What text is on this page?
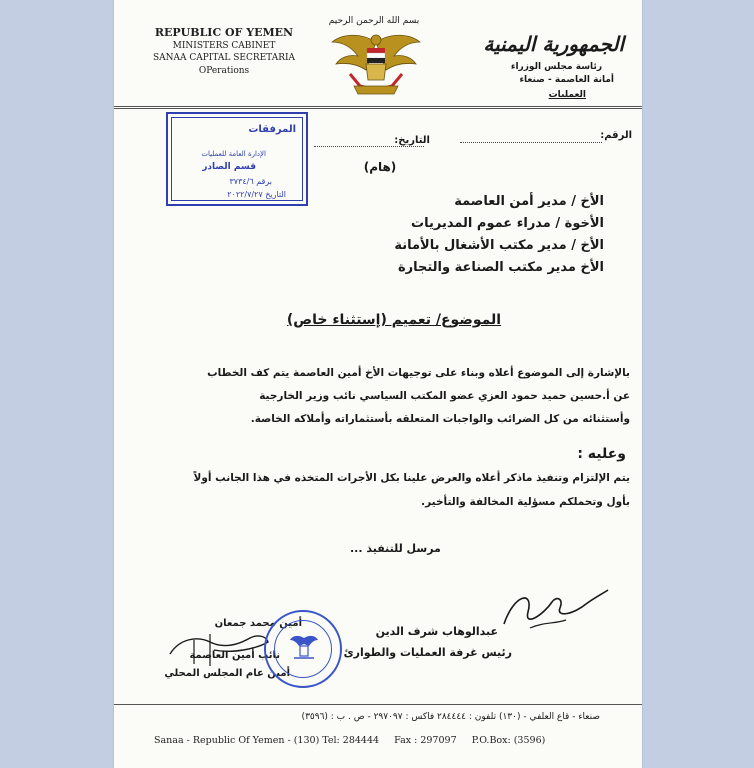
REPUBLIC OF YEMEN
MINISTERS CABINET
SANAA CAPITAL SECRETARIA
OPerations
بسم الله الرحمن الرحيم
الجمهورية اليمنية
رئاسة مجلس الوزراء
أمانة العاصمة - صنعاء
العمليات
الرقم:
التاريخ:
(هام)
المرفقات
الإدارة العامة للعمليات
قسم الصادر
برقم ٣٧٣٤/٦
التاريخ ٢٠٢٢/٧/٢٧	الأخ / مدير أمن العاصمة
الأخوة / مدراء عموم المديريات
الأخ / مدير مكتب الأشغال بالأمانة
الأخ مدير مكتب الصناعة والتجارة
الموضوع/ تعميم (إستثناء خاص)
بالإشارة إلى الموضوع أعلاه وبناء على توجيهات الأخ أمين العاصمة يتم كف الخطاب
عن أ.حسين حميد حمود العزي عضو المكتب السياسي نائب وزير الخارجية
وأستثنائه من كل الضرائب والواجبات المتعلقه بأستثماراته وأملاكه الخاصة.
وعليه :
يتم الإلتزام وتنفيذ ماذكر أعلاه والعرض علينا بكل الأجرات المتخذه في هذا الجانب أولاً
بأول وتحملكم مسؤلية المخالفة والتأخير.
مرسل للتنفيذ ...
عبدالوهاب شرف الدين
رئيس غرفة العمليات والطوارئ
أمين محمد جمعان
نائب أمين العاصمة
أمين عام المجلس المحلي
صنعاء - قاع العلفي - (١٣٠) تلفون : ٢٨٤٤٤٤ فاكس : ٢٩٧٠٩٧ - ص . ب : (٣٥٩٦)
Sanaa - Republic Of Yemen - (130) Tel: 284444     Fax : 297097     P.O.Box: (3596)
